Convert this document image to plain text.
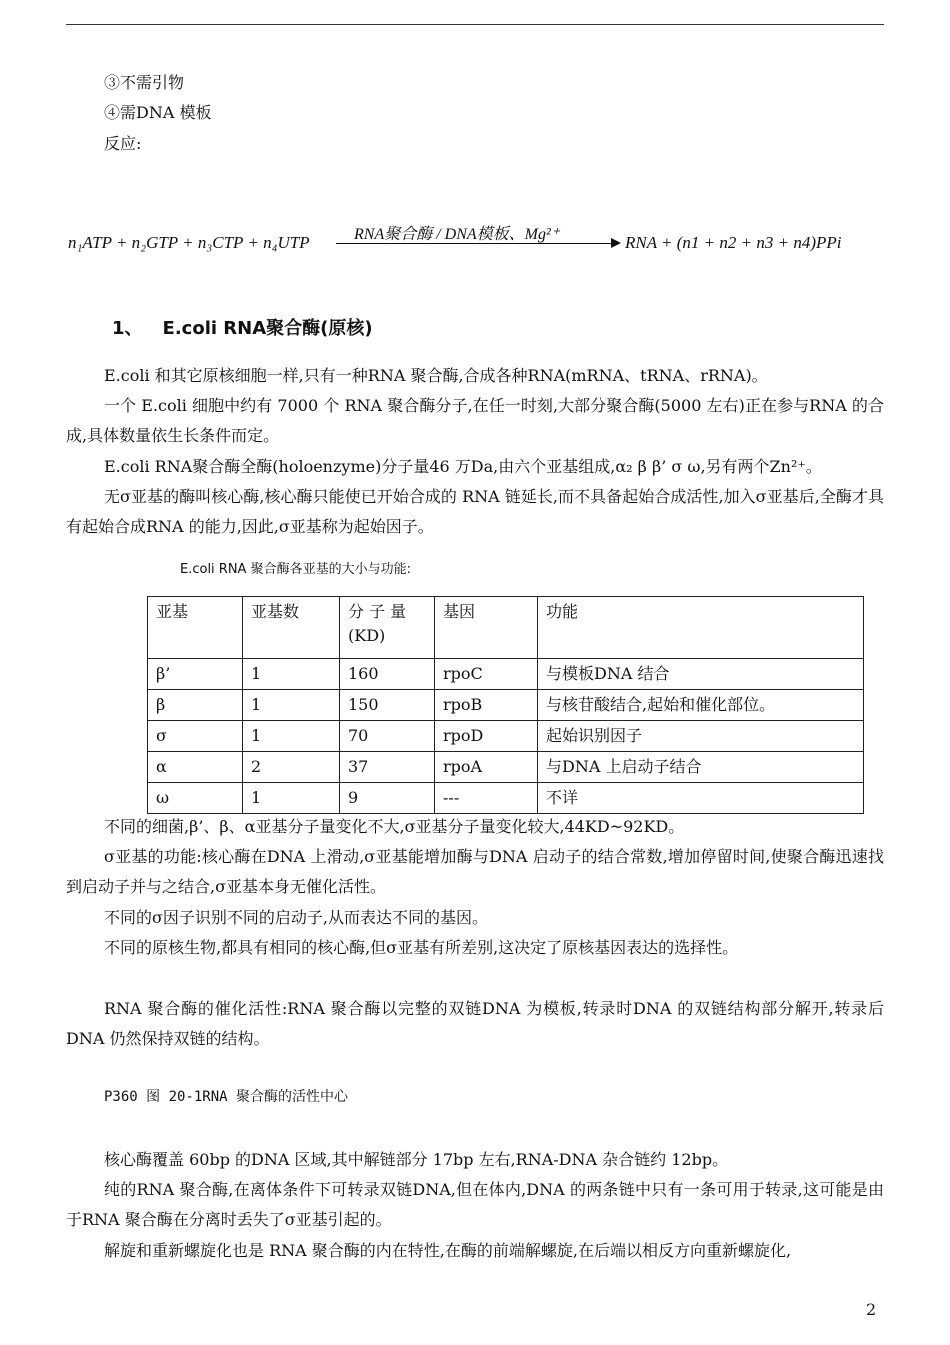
③不需引物
④需DNA 模板
反应:
n₁ATP + n₂GTP + n₃CTP + n₄UTP	RNA聚合酶 / DNA模板、Mg²⁺	RNA + (n1 + n2 + n3 + n4)PPi
1、 E.coli RNA聚合酶(原核)
E.coli 和其它原核细胞一样,只有一种RNA 聚合酶,合成各种RNA(mRNA、tRNA、rRNA)。
一个 E.coli 细胞中约有 7000 个 RNA 聚合酶分子,在任一时刻,大部分聚合酶(5000 左右)正在参与RNA 的合成,具体数量依生长条件而定。
E.coli RNA聚合酶全酶(holoenzyme)分子量46 万Da,由六个亚基组成,α₂ β β’ σ ω,另有两个Zn²⁺。
无σ亚基的酶叫核心酶,核心酶只能使已开始合成的 RNA 链延长,而不具备起始合成活性,加入σ亚基后,全酶才具有起始合成RNA 的能力,因此,σ亚基称为起始因子。
E.coli RNA 聚合酶各亚基的大小与功能:
亚基	亚基数	分 子 量 (KD)	基因	功能
β’	1	160	rpoC	与模板DNA 结合
β	1	150	rpoB	与核苷酸结合,起始和催化部位。
σ	1	70	rpoD	起始识别因子
α	2	37	rpoA	与DNA 上启动子结合
ω	1	9	---	不详
不同的细菌,β’、β、α亚基分子量变化不大,σ亚基分子量变化较大,44KD~92KD。
σ亚基的功能:核心酶在DNA 上滑动,σ亚基能增加酶与DNA 启动子的结合常数,增加停留时间,使聚合酶迅速找到启动子并与之结合,σ亚基本身无催化活性。
不同的σ因子识别不同的启动子,从而表达不同的基因。
不同的原核生物,都具有相同的核心酶,但σ亚基有所差别,这决定了原核基因表达的选择性。
RNA 聚合酶的催化活性:RNA 聚合酶以完整的双链DNA 为模板,转录时DNA 的双链结构部分解开,转录后DNA 仍然保持双链的结构。
P360 图 20-1RNA 聚合酶的活性中心
核心酶覆盖 60bp 的DNA 区域,其中解链部分 17bp 左右,RNA-DNA 杂合链约 12bp。
纯的RNA 聚合酶,在离体条件下可转录双链DNA,但在体内,DNA 的两条链中只有一条可用于转录,这可能是由于RNA 聚合酶在分离时丢失了σ亚基引起的。
解旋和重新螺旋化也是 RNA 聚合酶的内在特性,在酶的前端解螺旋,在后端以相反方向重新螺旋化,
2
